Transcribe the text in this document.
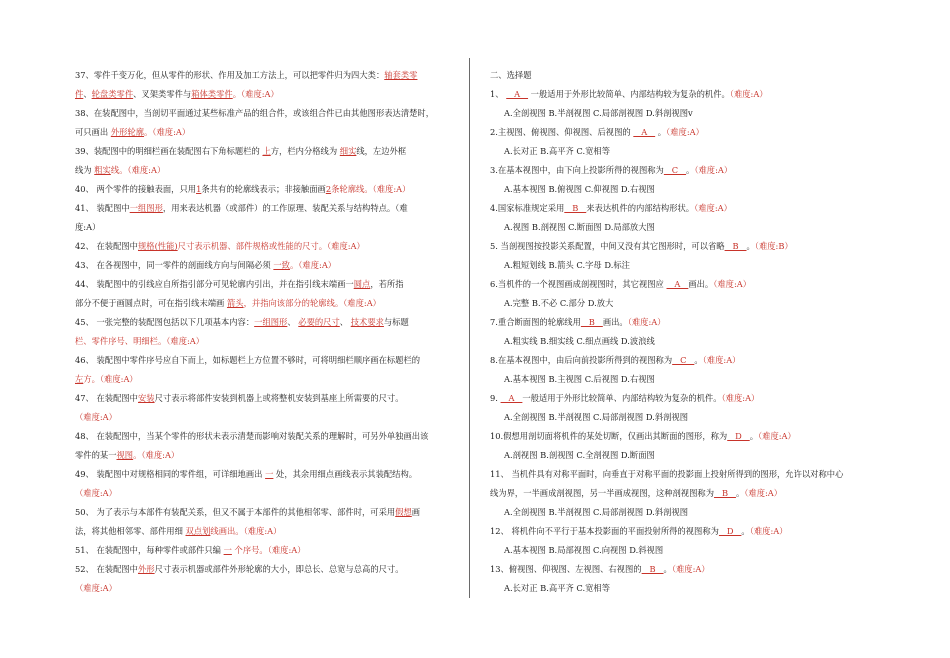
37、零件千变万化，但从零件的形状、作用及加工方法上，可以把零件归为四大类：轴套类零
件、轮盘类零件、叉架类零件与箱体类零件。（难度:A）
38、在装配图中，当剖切平面通过某些标准产品的组合件，或该组合件已由其他图形表达清楚时，
可只画出 外形轮廓。（难度:A）
39、装配图中的明细栏画在装配图右下角标题栏的 上方，栏内分格线为 细实线，左边外框
线为 粗实线。（难度:A）
40、 两个零件的接触表面，只用1条共有的轮廓线表示；非接触面画2条轮廓线。（难度:A）
41、 装配图中一组图形，用来表达机器（或部件）的工作原理、装配关系与结构特点。（难
度:A）
42、 在装配图中规格(性能)尺寸表示机器、部件规格或性能的尺寸。（难度:A）
43、 在各视图中，同一零件的剖面线方向与间隔必须 一致。（难度:A）
44、 装配图中的引线应自所指引部分可见轮廓内引出，并在指引线末端画一圆点，若所指
部分不便于画圆点时，可在指引线末端画 箭头，并指向该部分的轮廓线。（难度:A）
45、 一张完整的装配图包括以下几项基本内容：一组图形、 必要的尺寸、 技术要求与标题
栏、零件序号、明细栏。（难度:A）
46、 装配图中零件序号应自下而上，如标题栏上方位置不够时，可将明细栏顺序画在标题栏的
左方。（难度:A）
47、 在装配图中安装尺寸表示将部件安装到机器上或将整机安装到基座上所需要的尺寸。
（难度:A）
48、 在装配图中，当某个零件的形状未表示清楚而影响对装配关系的理解时，可另外单独画出该
零件的某一视图。（难度:A）
49、 装配图中对规格相同的零件组，可详细地画出 一 处，其余用细点画线表示其装配结构。
（难度:A）
50、 为了表示与本部件有装配关系，但又不属于本部件的其他相邻零、部件时，可采用假想画
法，将其他相邻零、部件用细 双点划线画出。（难度:A）
51、 在装配图中，每种零件或部件只编 一 个序号。（难度:A）
52、 在装配图中外形尺寸表示机器或部件外形轮廓的大小，即总长、总宽与总高的尺寸。
（难度:A）
二、选择题
1、    A    一般适用于外形比较简单、内部结构较为复杂的机件。（难度:A）
A.全剖视图 B.半剖视图 C.局部剖视图 D.斜剖视图v
2.主视图、俯视图、仰视图、后视图的    A    。（难度:A）
A.长对正 B.高平齐 C.宽相等
3.在基本视图中，由下向上投影所得的视图称为   C   。（难度:A）
A.基本视图 B.俯视图 C.仰视图 D.右视图
4.国家标准规定采用   B   来表达机件的内部结构形状。（难度:A）
A.视图 B.剖视图 C.断面图 D.局部放大图
5. 当剖视图按投影关系配置，中间又没有其它图形时，可以省略   B   。（难度:B）
A.粗短划线 B.箭头 C.字母 D.标注
6.当机件的一个视图画成剖视图时，其它视图应    A   画出。（难度:A）
A.完整 B.不必 C.部分 D.放大
7.重合断面图的轮廓线用   B   画出。（难度:A）
A.粗实线 B.细实线 C.细点画线 D.波浪线
8.在基本视图中，由后向前投影所得到的视图称为   C   。（难度:A）
A.基本视图 B.主视图 C.后视图 D.右视图
9.    A   一般适用于外形比较简单、内部结构较为复杂的机件。（难度:A）
A.全剖视图 B.半剖视图 C.局部剖视图 D.斜剖视图
10.假想用剖切面将机件的某处切断，仅画出其断面的图形，称为   D   。（难度:A）
A.剖视图 B.剖视图 C.全剖视图 D.断面图
11、 当机件具有对称平面时，向垂直于对称平面的投影面上投射所得到的图形，允许以对称中心
线为界，一半画成剖视图，另一半画成视图，这种剖视图称为   B   。（难度:A）
A.全剖视图 B.半剖视图 C.局部剖视图 D.斜剖视图
12、 将机件向不平行于基本投影面的平面投射所得的视图称为   D   。（难度:A）
A.基本视图 B.局部视图 C.向视图 D.斜视图
13、俯视图、仰视图、左视图、右视图的   B   。（难度:A）
A.长对正 B.高平齐 C.宽相等
